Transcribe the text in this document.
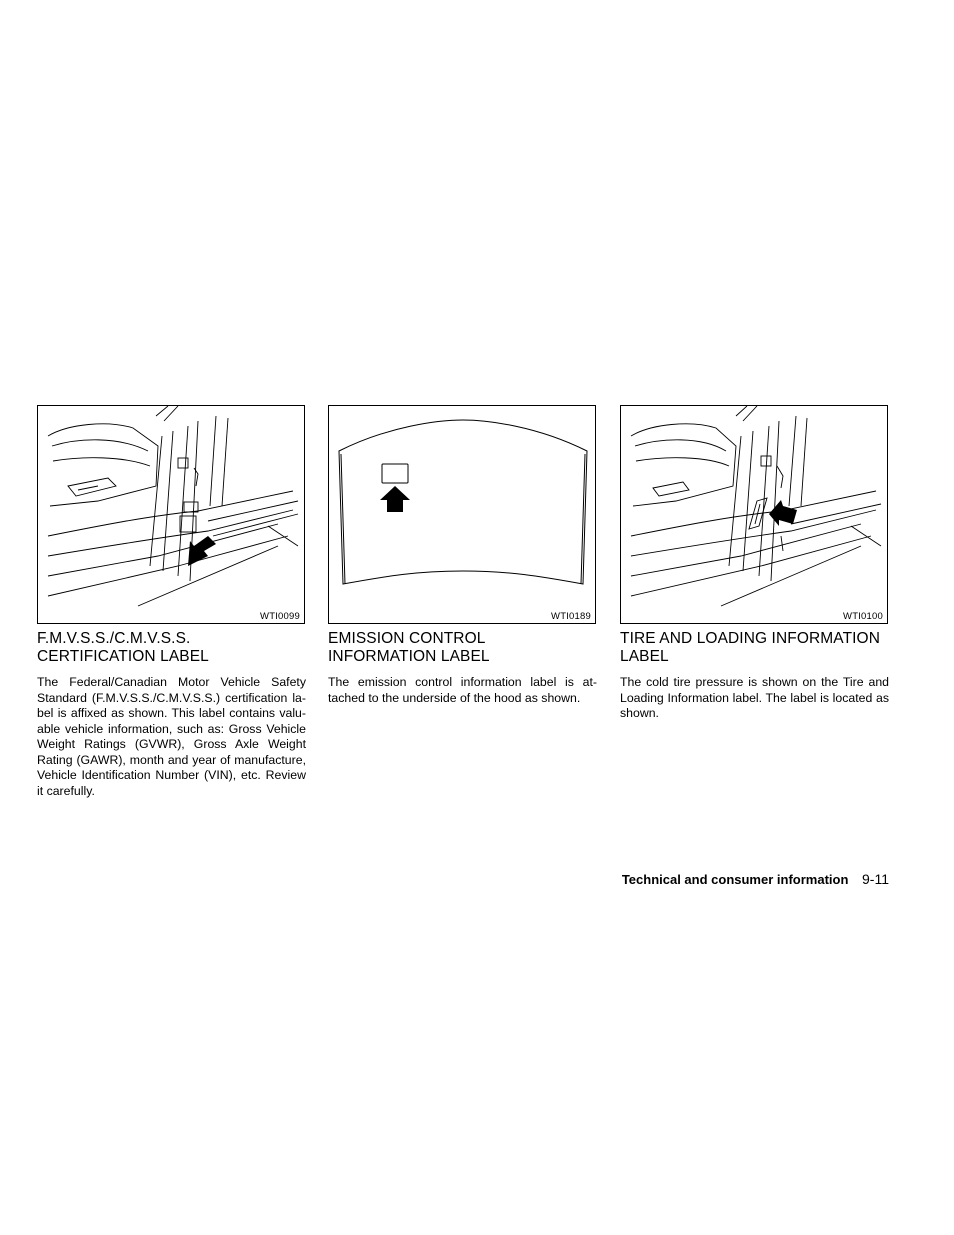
WTI0099
F.M.V.S.S./C.M.V.S.S.
CERTIFICATION LABEL

The Federal/Canadian Motor Vehicle Safety Standard (F.M.V.S.S./C.M.V.S.S.) certification la-bel is affixed as shown. This label contains valu-able vehicle information, such as: Gross Vehicle Weight Ratings (GVWR), Gross Axle Weight Rating (GAWR), month and year of manufacture, Vehicle Identification Number (VIN), etc. Review it carefully.

WTI0189
EMISSION CONTROL
INFORMATION LABEL

The emission control information label is at-tached to the underside of the hood as shown.

WTI0100
TIRE AND LOADING INFORMATION
LABEL

The cold tire pressure is shown on the Tire and Loading Information label. The label is located as shown.

Technical and consumer information 9-11
